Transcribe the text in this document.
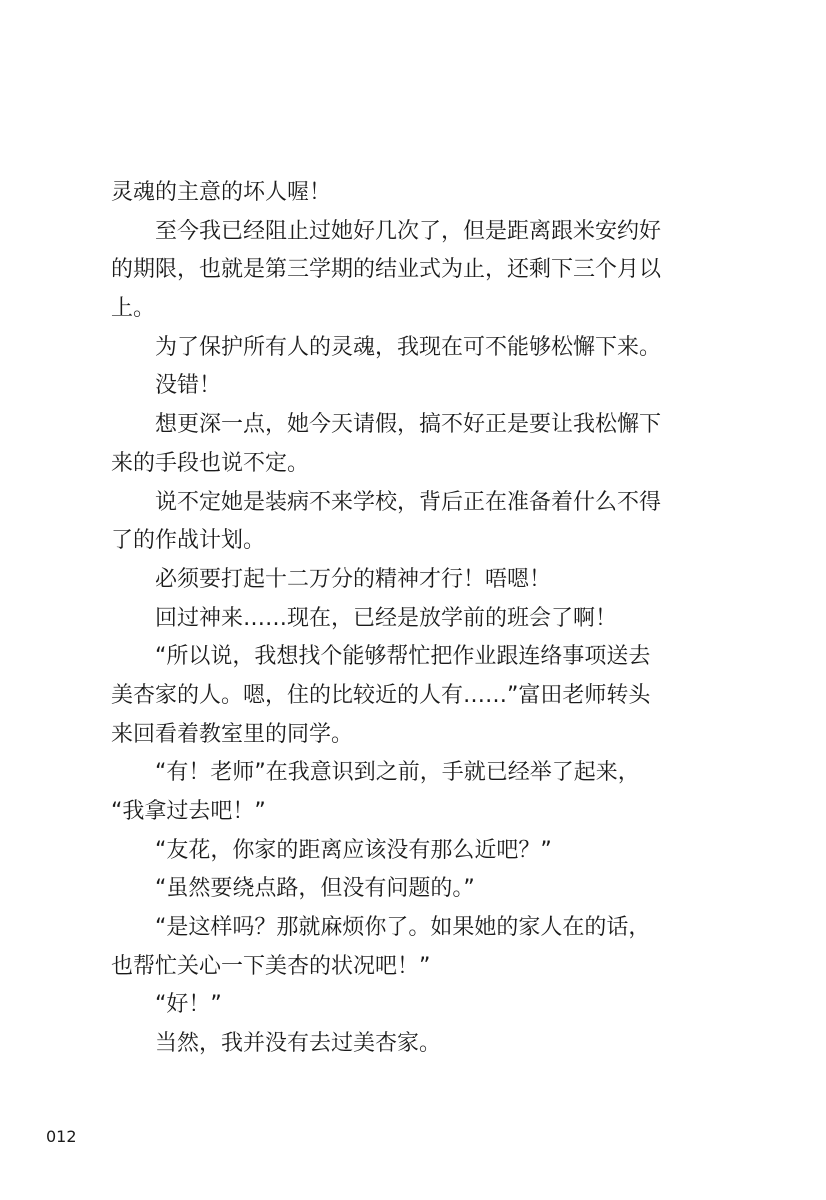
灵魂的主意的坏人喔！
至今我已经阻止过她好几次了，但是距离跟米安约好
的期限，也就是第三学期的结业式为止，还剩下三个月以
上。
为了保护所有人的灵魂，我现在可不能够松懈下来。
没错！
想更深一点，她今天请假，搞不好正是要让我松懈下
来的手段也说不定。
说不定她是装病不来学校，背后正在准备着什么不得
了的作战计划。
必须要打起十二万分的精神才行！唔嗯！
回过神来……现在，已经是放学前的班会了啊！
“所以说，我想找个能够帮忙把作业跟连络事项送去
美杏家的人。嗯，住的比较近的人有……”富田老师转头
来回看着教室里的同学。
“有！老师”在我意识到之前，手就已经举了起来，
“我拿过去吧！”
“友花，你家的距离应该没有那么近吧？”
“虽然要绕点路，但没有问题的。”
“是这样吗？那就麻烦你了。如果她的家人在的话，
也帮忙关心一下美杏的状况吧！”
“好！”
当然，我并没有去过美杏家。
012
